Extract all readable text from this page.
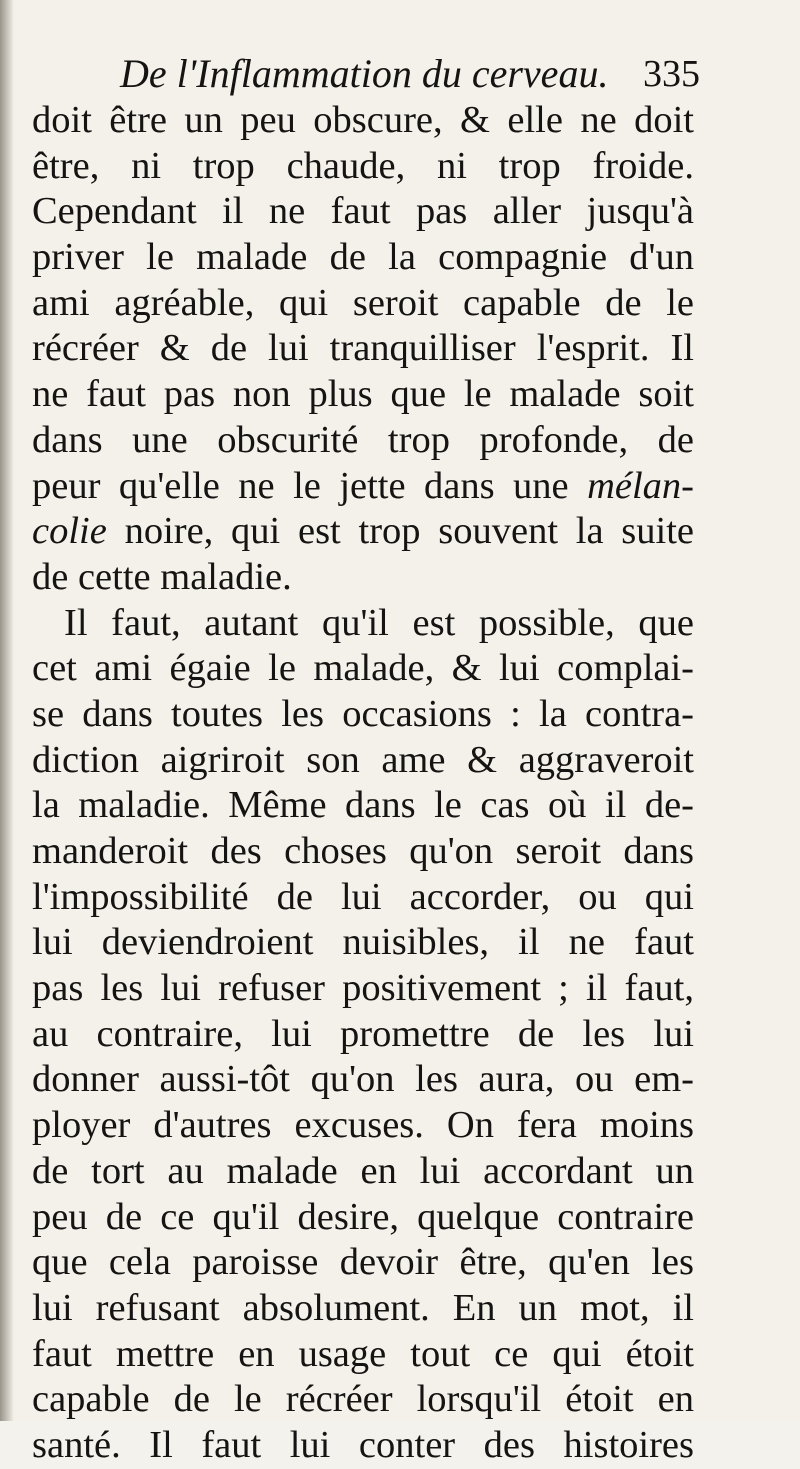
De l'Inflammation du cerveau. 335
doit être un peu obscure, & elle ne doit
être, ni trop chaude, ni trop froide.
Cependant il ne faut pas aller jusqu'à
priver le malade de la compagnie d'un
ami agréable, qui seroit capable de le
récréer & de lui tranquilliser l'esprit. Il
ne faut pas non plus que le malade soit
dans une obscurité trop profonde, de
peur qu'elle ne le jette dans une mélan-
colie noire, qui est trop souvent la suite
de cette maladie.
Il faut, autant qu'il est possible, que
cet ami égaie le malade, & lui complai-
se dans toutes les occasions : la contra-
diction aigriroit son ame & aggraveroit
la maladie. Même dans le cas où il de-
manderoit des choses qu'on seroit dans
l'impossibilité de lui accorder, ou qui
lui deviendroient nuisibles, il ne faut
pas les lui refuser positivement ; il faut,
au contraire, lui promettre de les lui
donner aussi-tôt qu'on les aura, ou em-
ployer d'autres excuses. On fera moins
de tort au malade en lui accordant un
peu de ce qu'il desire, quelque contraire
que cela paroisse devoir être, qu'en les
lui refusant absolument. En un mot, il
faut mettre en usage tout ce qui étoit
capable de le récréer lorsqu'il étoit en
santé. Il faut lui conter des histoires
